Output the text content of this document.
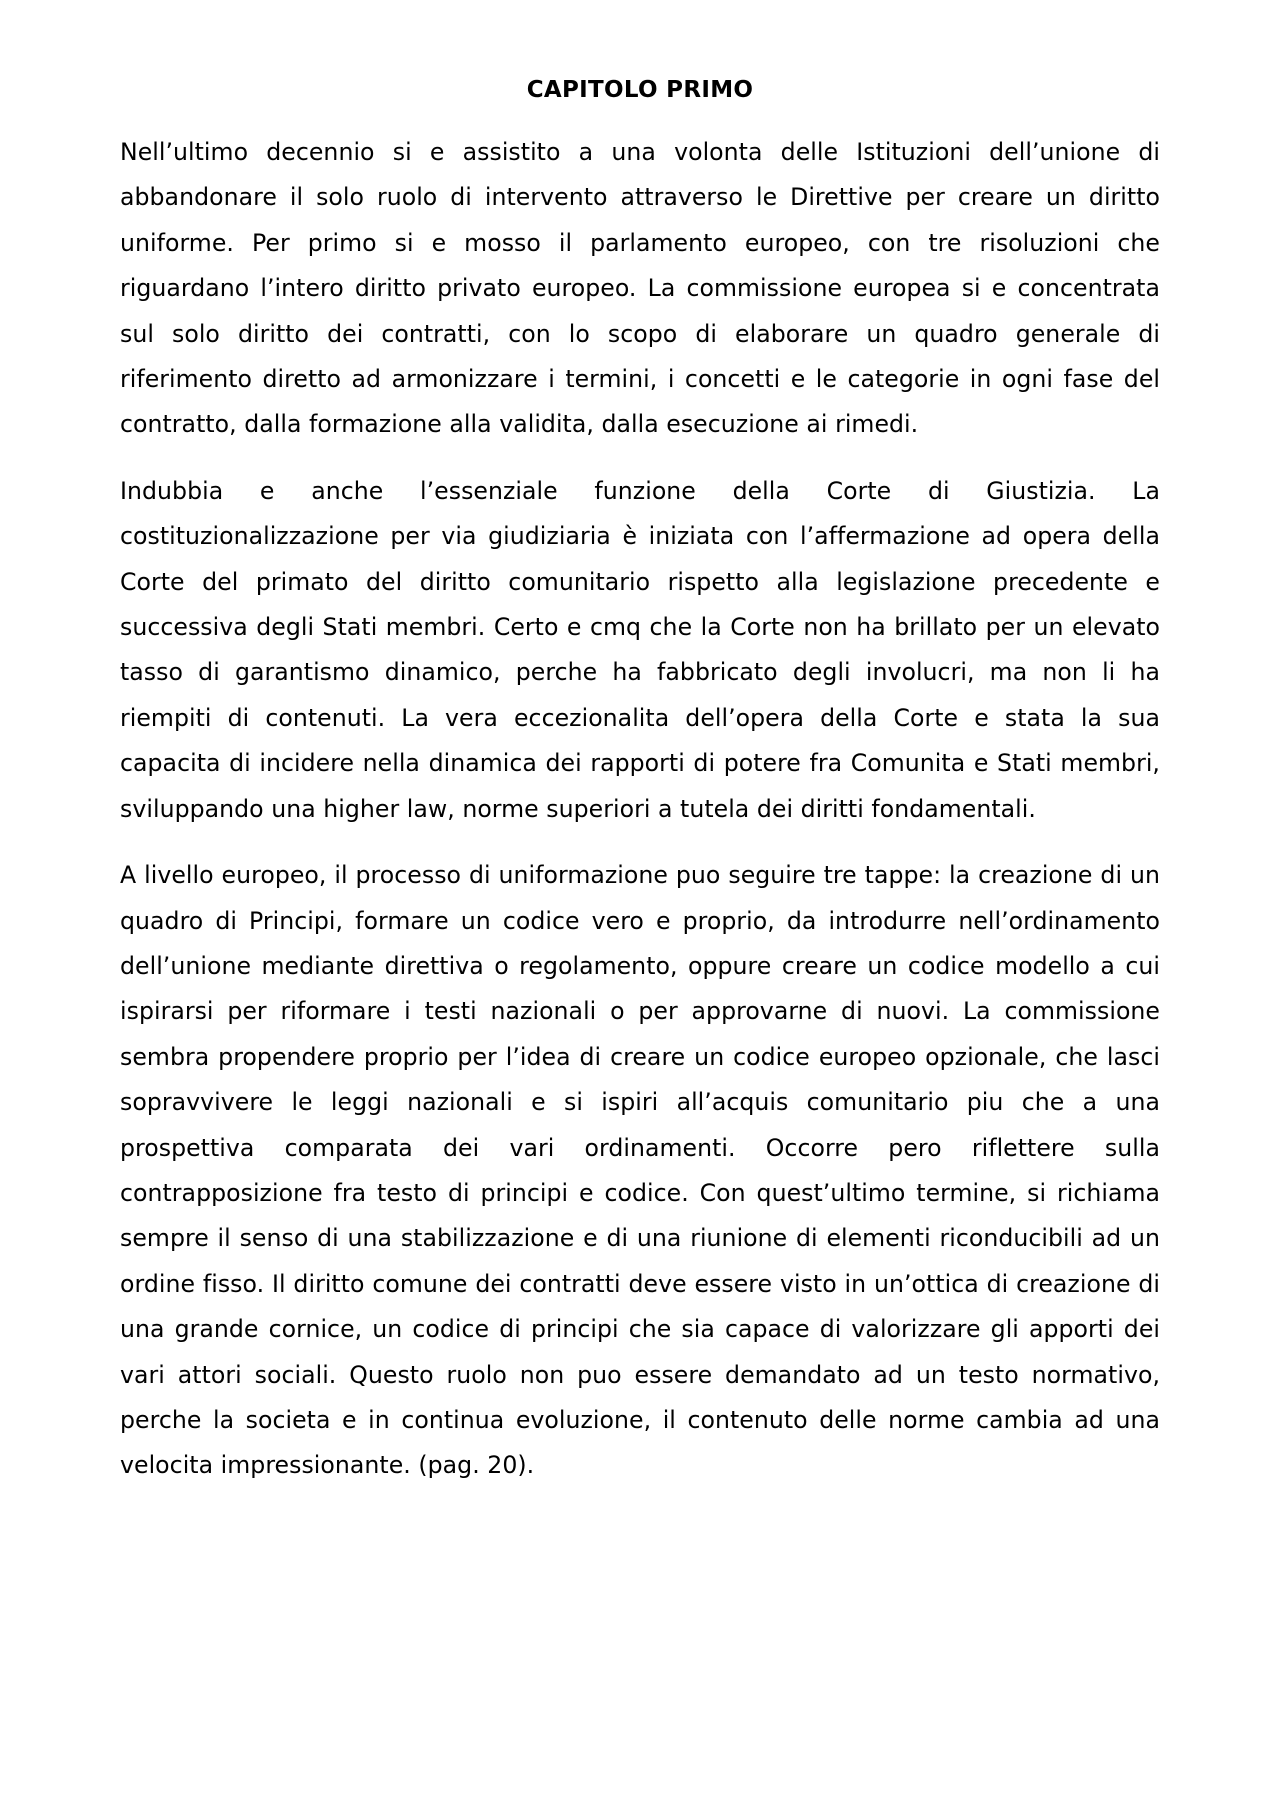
CAPITOLO PRIMO

Nell’ultimo decennio si e assistito a una volonta delle Istituzioni dell’unione di abbandonare il solo ruolo di intervento attraverso le Direttive per creare un diritto uniforme. Per primo si e mosso il parlamento europeo, con tre risoluzioni che riguardano l’intero diritto privato europeo. La commissione europea si e concentrata sul solo diritto dei contratti, con lo scopo di elaborare un quadro generale di riferimento diretto ad armonizzare i termini, i concetti e le categorie in ogni fase del contratto, dalla formazione alla validita, dalla esecuzione ai rimedi.

Indubbia e anche l’essenziale funzione della Corte di Giustizia. La costituzionalizzazione per via giudiziaria è iniziata con l’affermazione ad opera della Corte del primato del diritto comunitario rispetto alla legislazione precedente e successiva degli Stati membri. Certo e cmq che la Corte non ha brillato per un elevato tasso di garantismo dinamico, perche ha fabbricato degli involucri, ma non li ha riempiti di contenuti. La vera eccezionalita dell’opera della Corte e stata la sua capacita di incidere nella dinamica dei rapporti di potere fra Comunita e Stati membri, sviluppando una higher law, norme superiori a tutela dei diritti fondamentali.

A livello europeo, il processo di uniformazione puo seguire tre tappe: la creazione di un quadro di Principi, formare un codice vero e proprio, da introdurre nell’ordinamento dell’unione mediante direttiva o regolamento, oppure creare un codice modello a cui ispirarsi per riformare i testi nazionali o per approvarne di nuovi. La commissione sembra propendere proprio per l’idea di creare un codice europeo opzionale, che lasci sopravvivere le leggi nazionali e si ispiri all’acquis comunitario piu che a una prospettiva comparata dei vari ordinamenti. Occorre pero riflettere sulla contrapposizione fra testo di principi e codice. Con quest’ultimo termine, si richiama sempre il senso di una stabilizzazione e di una riunione di elementi riconducibili ad un ordine fisso. Il diritto comune dei contratti deve essere visto in un’ottica di creazione di una grande cornice, un codice di principi che sia capace di valorizzare gli apporti dei vari attori sociali. Questo ruolo non puo essere demandato ad un testo normativo, perche la societa e in continua evoluzione, il contenuto delle norme cambia ad una velocita impressionante. (pag. 20).
